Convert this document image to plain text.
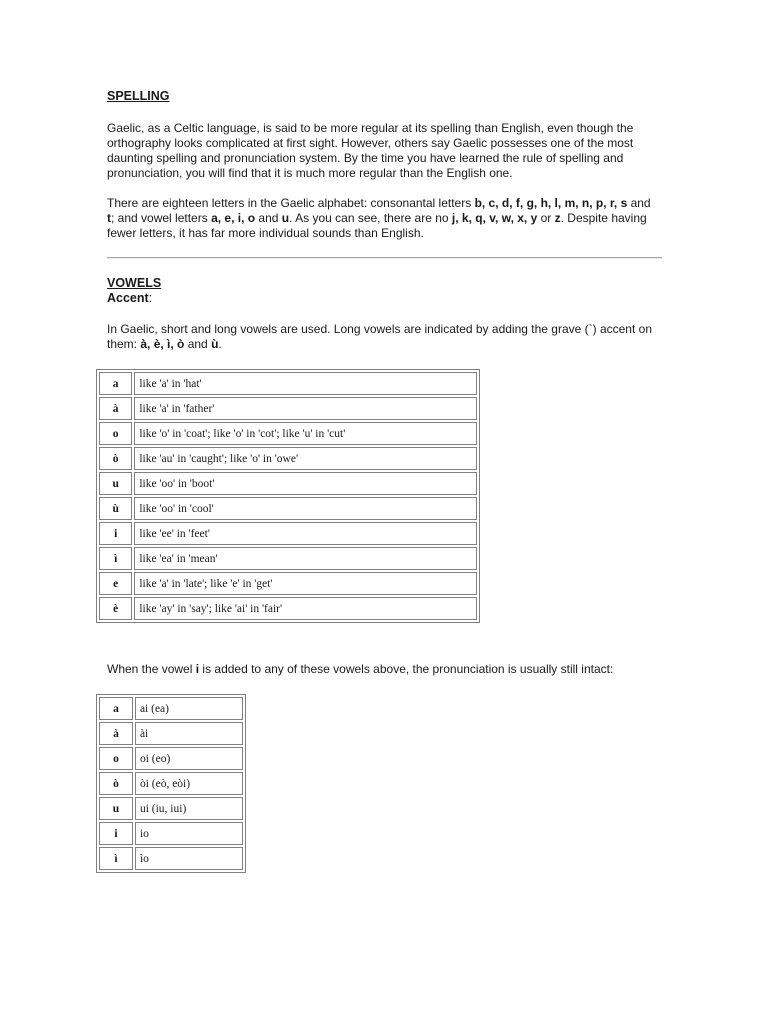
SPELLING

Gaelic, as a Celtic language, is said to be more regular at its spelling than English, even though the orthography looks complicated at first sight. However, others say Gaelic possesses one of the most daunting spelling and pronunciation system. By the time you have learned the rule of spelling and pronunciation, you will find that it is much more regular than the English one.

There are eighteen letters in the Gaelic alphabet: consonantal letters b, c, d, f, g, h, l, m, n, p, r, s and t; and vowel letters a, e, i, o and u. As you can see, there are no j, k, q, v, w, x, y or z. Despite having fewer letters, it has far more individual sounds than English.

VOWELS
Accent:

In Gaelic, short and long vowels are used. Long vowels are indicated by adding the grave (`) accent on them: à, è, ì, ò and ù.

When the vowel i is added to any of these vowels above, the pronunciation is usually still intact:

a	like 'a' in 'hat'
à	like 'a' in 'father'
o	like 'o' in 'coat'; like 'o' in 'cot'; like 'u' in 'cut'
ò	like 'au' in 'caught'; like 'o' in 'owe'
u	like 'oo' in 'boot'
ù	like 'oo' in 'cool'
i	like 'ee' in 'feet'
ì	like 'ea' in 'mean'
e	like 'a' in 'late'; like 'e' in 'get'
è	like 'ay' in 'say'; like 'ai' in 'fair'
a	ai (ea)
à	ài
o	oi (eo)
ò	òi (eò, eòi)
u	ui (iu, iui)
i	io
ì	ìo
